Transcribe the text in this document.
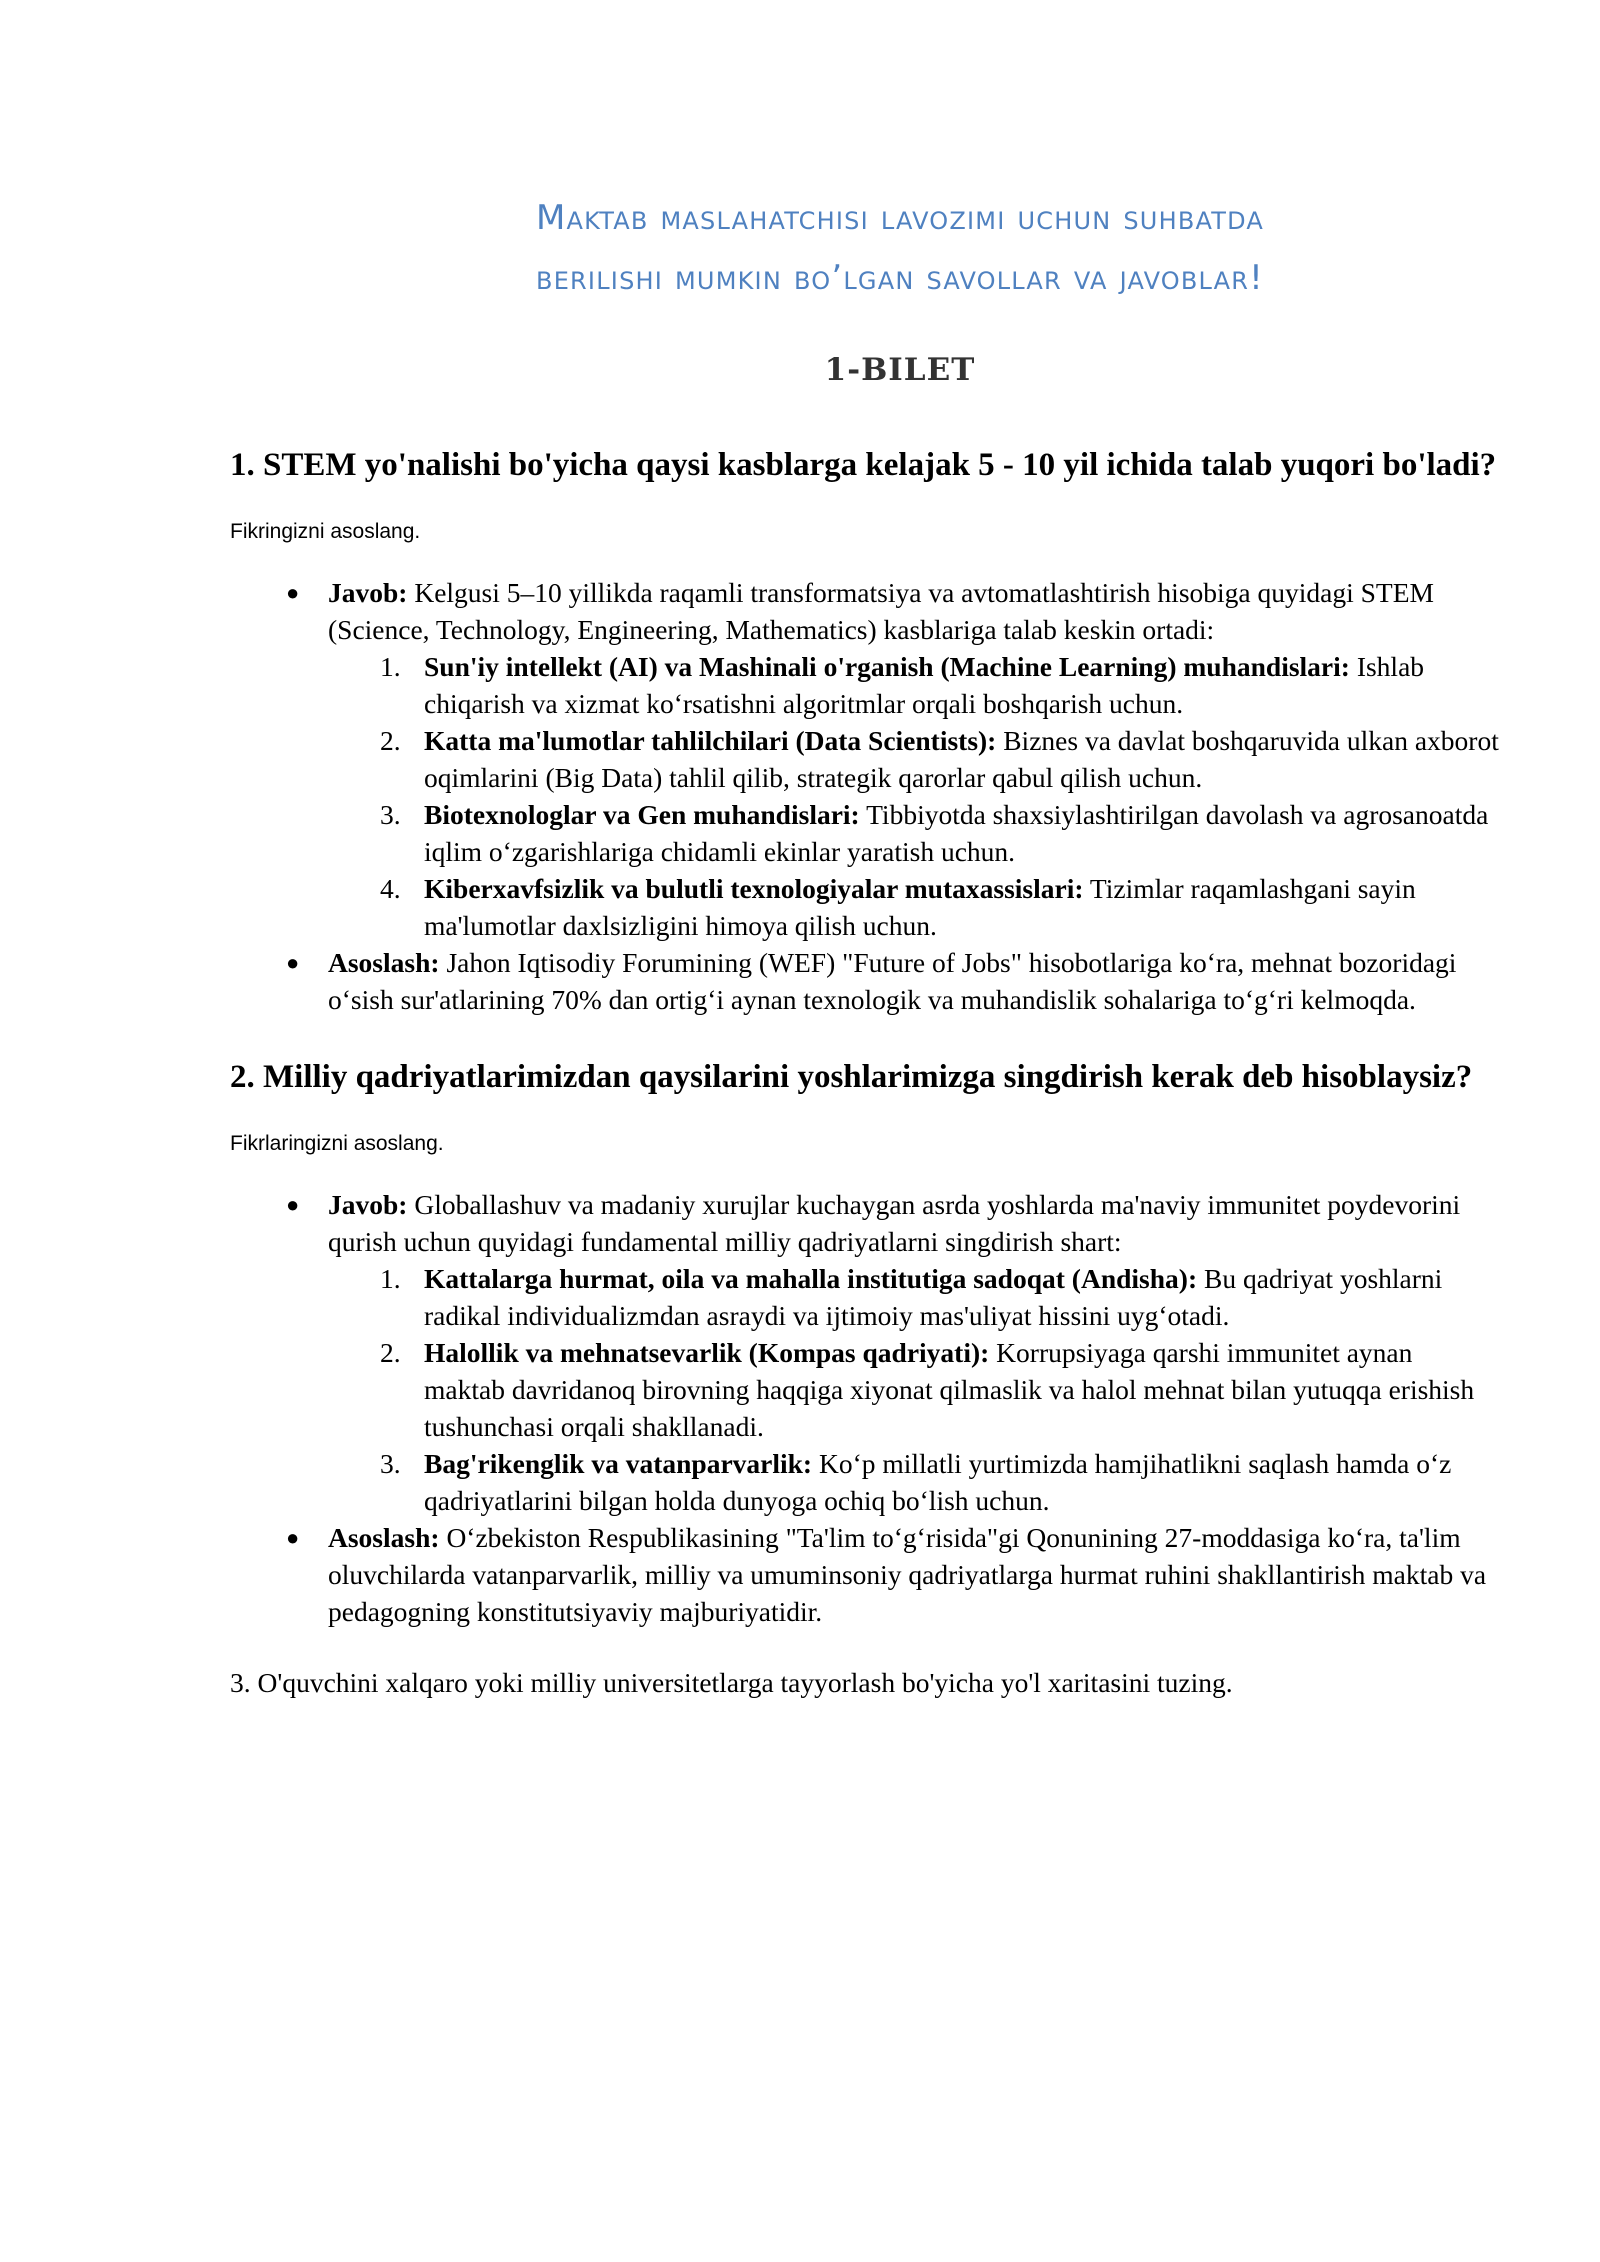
Maktab maslahatchisi lavozimi uchun suhbatda
berilishi mumkin bo’lgan savollar va javoblar!
1-BILET

1. STEM yo'nalishi bo'yicha qaysi kasblarga kelajak 5 - 10 yil ichida talab yuqori bo'ladi?

Fikringizni asoslang.

● Javob: Kelgusi 5–10 yillikda raqamli transformatsiya va avtomatlashtirish hisobiga quyidagi STEM (Science, Technology, Engineering, Mathematics) kasblariga talab keskin ortadi:
1. Sun'iy intellekt (AI) va Mashinali o'rganish (Machine Learning) muhandislari: Ishlab chiqarish va xizmat ko‘rsatishni algoritmlar orqali boshqarish uchun.
2. Katta ma'lumotlar tahlilchilari (Data Scientists): Biznes va davlat boshqaruvida ulkan axborot oqimlarini (Big Data) tahlil qilib, strategik qarorlar qabul qilish uchun.
3. Biotexnologlar va Gen muhandislari: Tibbiyotda shaxsiylashtirilgan davolash va agrosanoatda iqlim o‘zgarishlariga chidamli ekinlar yaratish uchun.
4. Kiberxavfsizlik va bulutli texnologiyalar mutaxassislari: Tizimlar raqamlashgani sayin ma'lumotlar daxlsizligini himoya qilish uchun.
● Asoslash: Jahon Iqtisodiy Forumining (WEF) "Future of Jobs" hisobotlariga ko‘ra, mehnat bozoridagi o‘sish sur'atlarining 70% dan ortig‘i aynan texnologik va muhandislik sohalariga to‘g‘ri kelmoqda.

2. Milliy qadriyatlarimizdan qaysilarini yoshlarimizga singdirish kerak deb hisoblaysiz?

Fikrlaringizni asoslang.

● Javob: Globallashuv va madaniy xurujlar kuchaygan asrda yoshlarda ma'naviy immunitet poydevorini qurish uchun quyidagi fundamental milliy qadriyatlarni singdirish shart:
1. Kattalarga hurmat, oila va mahalla institutiga sadoqat (Andisha): Bu qadriyat yoshlarni radikal individualizmdan asraydi va ijtimoiy mas'uliyat hissini uyg‘otadi.
2. Halollik va mehnatsevarlik (Kompas qadriyati): Korrupsiyaga qarshi immunitet aynan maktab davridanoq birovning haqqiga xiyonat qilmaslik va halol mehnat bilan yutuqqa erishish tushunchasi orqali shakllanadi.
3. Bag'rikenglik va vatanparvarlik: Ko‘p millatli yurtimizda hamjihatlikni saqlash hamda o‘z qadriyatlarini bilgan holda dunyoga ochiq bo‘lish uchun.
● Asoslash: O‘zbekiston Respublikasining "Ta'lim to‘g‘risida"gi Qonunining 27-moddasiga ko‘ra, ta'lim oluvchilarda vatanparvarlik, milliy va umuminsoniy qadriyatlarga hurmat ruhini shakllantirish maktab va pedagogning konstitutsiyaviy majburiyatidir.

3. O'quvchini xalqaro yoki milliy universitetlarga tayyorlash bo'yicha yo'l xaritasini tuzing.
